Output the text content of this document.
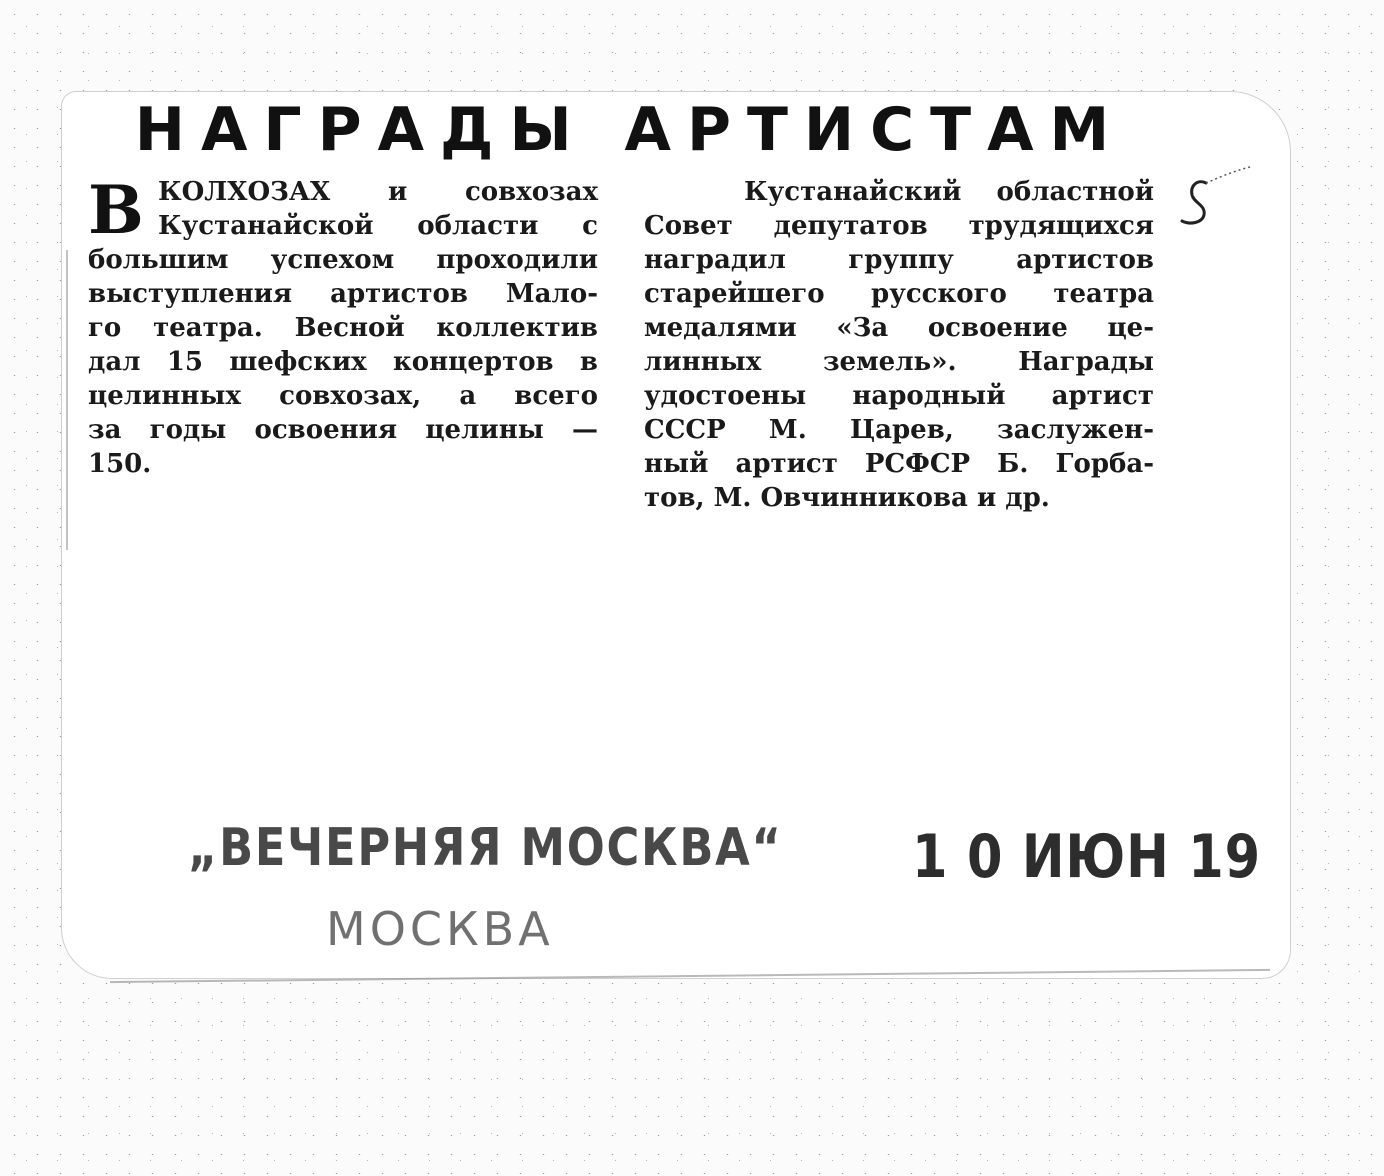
НАГРАДЫ АРТИСТАМ
В КОЛХОЗАХ и совхозах
Кустанайской области с
большим успехом проходили
выступления артистов Мало-
го театра. Весной коллектив
дал 15 шефских концертов в
целинных совхозах, а всего
за годы освоения целины —
150.
Кустанайский областной
Совет депутатов трудящихся
наградил группу артистов
старейшего русского театра
медалями «За освоение це-
линных земель». Награды
удостоены народный артист
СССР М. Царев, заслужен-
ный артист РСФСР Б. Горба-
тов, М. Овчинникова и др.
„ВЕЧЕРНЯЯ МОСКВА“
МОСКВА
1 0 ИЮН 19
